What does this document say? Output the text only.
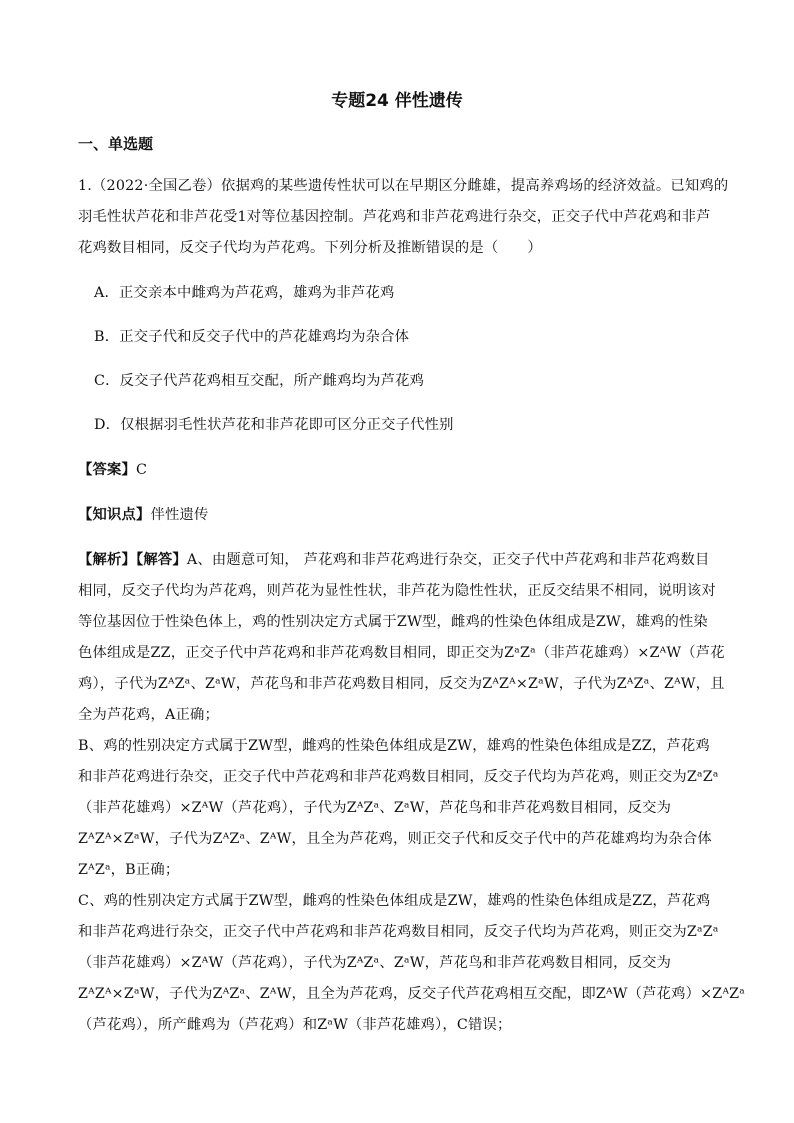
专题24 伴性遗传
一、单选题
1.（2022·全国乙卷）依据鸡的某些遗传性状可以在早期区分雌雄，提高养鸡场的经济效益。已知鸡的
羽毛性状芦花和非芦花受1对等位基因控制。芦花鸡和非芦花鸡进行杂交，正交子代中芦花鸡和非芦
花鸡数目相同，反交子代均为芦花鸡。下列分析及推断错误的是（　　）
A．正交亲本中雌鸡为芦花鸡，雄鸡为非芦花鸡
B．正交子代和反交子代中的芦花雄鸡均为杂合体
C．反交子代芦花鸡相互交配，所产雌鸡均为芦花鸡
D．仅根据羽毛性状芦花和非芦花即可区分正交子代性别
【答案】C
【知识点】伴性遗传
【解析】【解答】A、由题意可知， 芦花鸡和非芦花鸡进行杂交，正交子代中芦花鸡和非芦花鸡数目
相同，反交子代均为芦花鸡，则芦花为显性性状，非芦花为隐性性状，正反交结果不相同，说明该对
等位基因位于性染色体上，鸡的性别决定方式属于ZW型，雌鸡的性染色体组成是ZW，雄鸡的性染
色体组成是ZZ，正交子代中芦花鸡和非芦花鸡数目相同，即正交为ZᵃZᵃ（非芦花雄鸡）×ZᴬW（芦花
鸡），子代为ZᴬZᵃ、ZᵃW，芦花鸟和非芦花鸡数目相同，反交为ZᴬZᴬ×ZᵃW，子代为ZᴬZᵃ、ZᴬW，且
全为芦花鸡，A正确；
B、鸡的性别决定方式属于ZW型，雌鸡的性染色体组成是ZW，雄鸡的性染色体组成是ZZ，芦花鸡
和非芦花鸡进行杂交，正交子代中芦花鸡和非芦花鸡数目相同，反交子代均为芦花鸡，则正交为ZᵃZᵃ
（非芦花雄鸡）×ZᴬW（芦花鸡），子代为ZᴬZᵃ、ZᵃW，芦花鸟和非芦花鸡数目相同，反交为
ZᴬZᴬ×ZᵃW，子代为ZᴬZᵃ、ZᴬW，且全为芦花鸡，则正交子代和反交子代中的芦花雄鸡均为杂合体
ZᴬZᵃ，B正确；
C、鸡的性别决定方式属于ZW型，雌鸡的性染色体组成是ZW，雄鸡的性染色体组成是ZZ，芦花鸡
和非芦花鸡进行杂交，正交子代中芦花鸡和非芦花鸡数目相同，反交子代均为芦花鸡，则正交为ZᵃZᵃ
（非芦花雄鸡）×ZᴬW（芦花鸡），子代为ZᴬZᵃ、ZᵃW，芦花鸟和非芦花鸡数目相同，反交为
ZᴬZᴬ×ZᵃW，子代为ZᴬZᵃ、ZᴬW，且全为芦花鸡，反交子代芦花鸡相互交配，即ZᴬW（芦花鸡）×ZᴬZᵃ
（芦花鸡），所产雌鸡为（芦花鸡）和ZᵃW（非芦花雄鸡），C错误；
